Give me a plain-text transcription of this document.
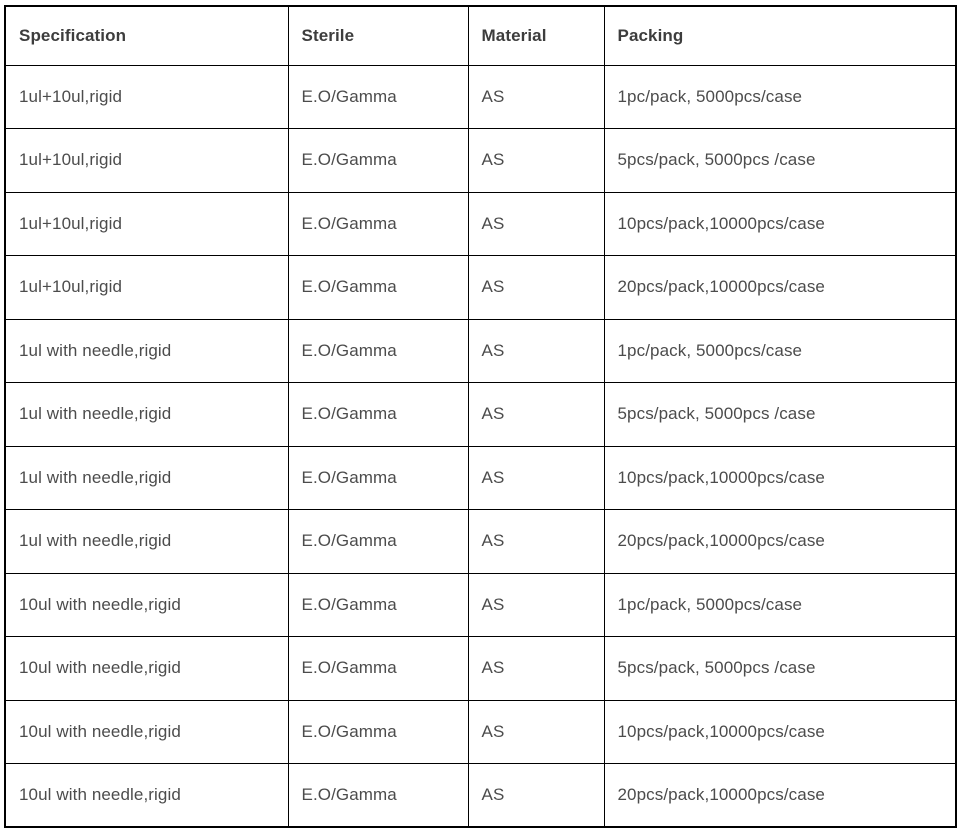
Specification	Sterile	Material	Packing
1ul+10ul,rigid	E.O/Gamma	AS	1pc/pack, 5000pcs/case
1ul+10ul,rigid	E.O/Gamma	AS	5pcs/pack, 5000pcs /case
1ul+10ul,rigid	E.O/Gamma	AS	10pcs/pack,10000pcs/case
1ul+10ul,rigid	E.O/Gamma	AS	20pcs/pack,10000pcs/case
1ul with needle,rigid	E.O/Gamma	AS	1pc/pack, 5000pcs/case
1ul with needle,rigid	E.O/Gamma	AS	5pcs/pack, 5000pcs /case
1ul with needle,rigid	E.O/Gamma	AS	10pcs/pack,10000pcs/case
1ul with needle,rigid	E.O/Gamma	AS	20pcs/pack,10000pcs/case
10ul with needle,rigid	E.O/Gamma	AS	1pc/pack, 5000pcs/case
10ul with needle,rigid	E.O/Gamma	AS	5pcs/pack, 5000pcs /case
10ul with needle,rigid	E.O/Gamma	AS	10pcs/pack,10000pcs/case
10ul with needle,rigid	E.O/Gamma	AS	20pcs/pack,10000pcs/case
